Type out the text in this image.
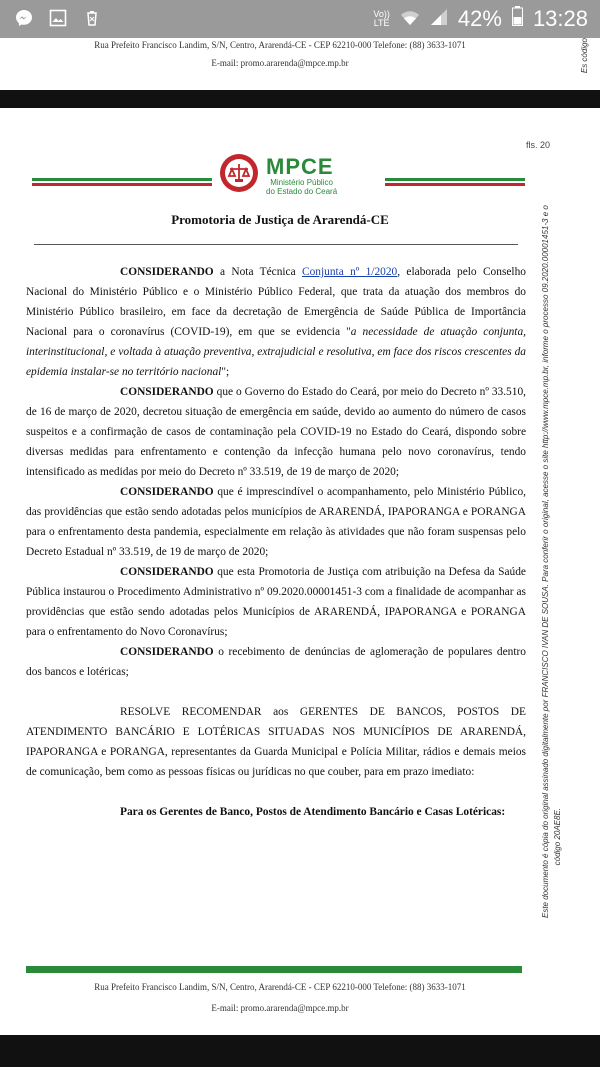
Vo))
LTE	42% 13:28
Rua Prefeito Francisco Landim, S/N, Centro, Ararendá-CE - CEP 62210-000 Telefone: (88) 3633-1071
E-mail: promo.ararenda@mpce.mp.br	Es código
fls. 20
MPCE
Ministério Público
do Estado do Ceará
Promotoria de Justiça de Ararendá-CE

CONSIDERANDO a Nota Técnica Conjunta nº 1/2020, elaborada pelo Conselho Nacional do Ministério Público e o Ministério Público Federal, que trata da atuação dos membros do Ministério Público brasileiro, em face da decretação de Emergência de Saúde Pública de Importância Nacional para o coronavírus (COVID-19), em que se evidencia "a necessidade de atuação conjunta, interinstitucional, e voltada à atuação preventiva, extrajudicial e resolutiva, em face dos riscos crescentes da epidemia instalar-se no território nacional";

CONSIDERANDO que o Governo do Estado do Ceará, por meio do Decreto nº 33.510, de 16 de março de 2020, decretou situação de emergência em saúde, devido ao aumento do número de casos suspeitos e a confirmação de casos de contaminação pela COVID-19 no Estado do Ceará, dispondo sobre diversas medidas para enfrentamento e contenção da infecção humana pelo novo coronavírus, tendo intensificado as medidas por meio do Decreto nº 33.519, de 19 de março de 2020;

CONSIDERANDO que é imprescindível o acompanhamento, pelo Ministério Público, das providências que estão sendo adotadas pelos municípios de ARARENDÁ, IPAPORANGA e PORANGA para o enfrentamento desta pandemia, especialmente em relação às atividades que não foram suspensas pelo Decreto Estadual nº 33.519, de 19 de março de 2020;

CONSIDERANDO que esta Promotoria de Justiça com atribuição na Defesa da Saúde Pública instaurou o Procedimento Administrativo nº 09.2020.00001451-3 com a finalidade de acompanhar as providências que estão sendo adotadas pelos Municípios de ARARENDÁ, IPAPORANGA e PORANGA para o enfrentamento do Novo Coronavírus;

CONSIDERANDO o recebimento de denúncias de aglomeração de populares dentro dos bancos e lotéricas;

RESOLVE RECOMENDAR aos GERENTES DE BANCOS, POSTOS DE ATENDIMENTO BANCÁRIO E LOTÉRICAS SITUADAS NOS MUNICÍPIOS DE ARARENDÁ, IPAPORANGA e PORANGA, representantes da Guarda Municipal e Polícia Militar, rádios e demais meios de comunicação, bem como as pessoas físicas ou jurídicas no que couber, para em prazo imediato:

Para os Gerentes de Banco, Postos de Atendimento Bancário e Casas Lotéricas:

Rua Prefeito Francisco Landim, S/N, Centro, Ararendá-CE - CEP 62210-000 Telefone: (88) 3633-1071
E-mail: promo.ararenda@mpce.mp.br
Este documento é cópia do original assinado digitalmente por FRANCISCO IVAN DE SOUSA. Para conferir o original, acesse o site http://www.mpce.mp.br, informe o processo 09.2020.00001451-3 e o código 20AE8E.
